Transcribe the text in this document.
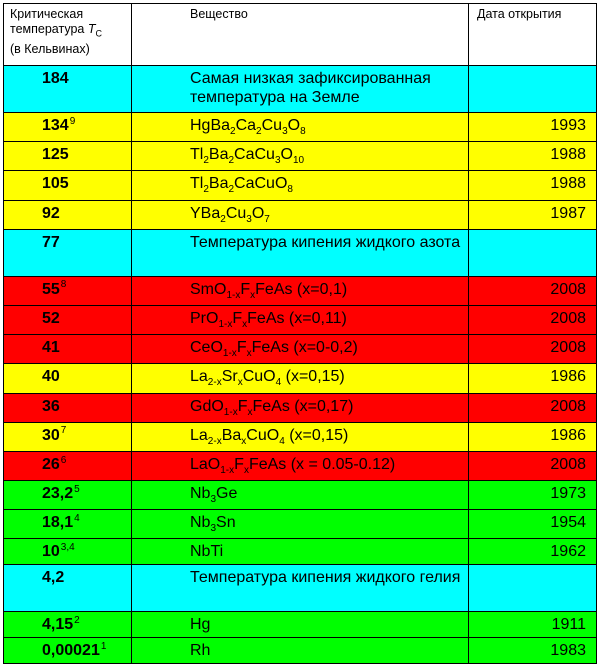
Критическая
температура $T_C$
(в Кельвинах)	Вещество	Дата открытия
184	Самая низкая зафиксированная температура на Земле	
134$^9$	$HgBa_2Ca_2Cu_3O_8$	1993
125	$Tl_2Ba_2CaCu_3O_{10}$	1988
105	$Tl_2Ba_2CaCuO_8$	1988
92	$YBa_2Cu_3O_7$	1987
77	Температура кипения жидкого азота	
55$^8$	$SmO_{1-x}F_xFeAs$ (x=0,1)	2008
52	$PrO_{1-x}F_xFeAs$ (x=0,11)	2008
41	$CeO_{1-x}F_xFeAs$ (x=0-0,2)	2008
40	$La_{2-x}Sr_xCuO_4$ (x=0,15)	1986
36	$GdO_{1-x}F_xFeAs$ (x=0,17)	2008
30$^7$	$La_{2-x}Ba_xCuO_4$ (x=0,15)	1986
26$^6$	$LaO_{1-x}F_xFeAs$ (x = 0.05-0.12)	2008
23,2$^5$	$Nb_3Ge$	1973
18,1$^4$	$Nb_3Sn$	1954
10$^{3,4}$	NbTi	1962
4,2	Температура кипения жидкого гелия	
4,15$^2$	Hg	1911
0,00021$^1$	Rh	1983
